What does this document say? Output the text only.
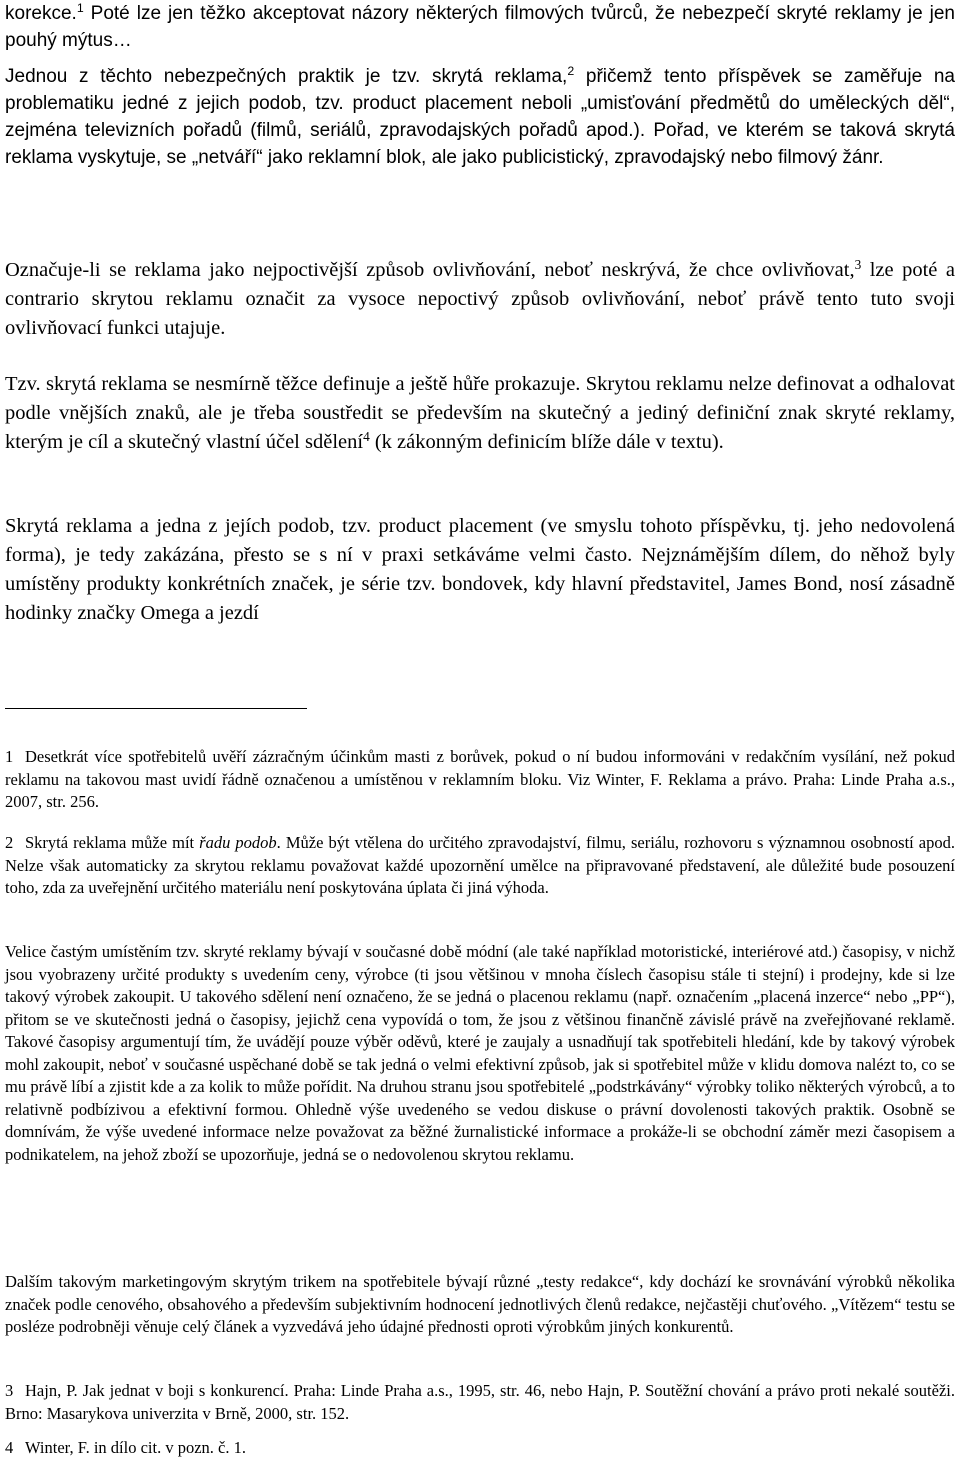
korekce.$^1$ Poté lze jen těžko akceptovat názory některých filmových tvůrců, že nebezpečí skryté reklamy je jen pouhý mýtus…

Jednou z těchto nebezpečných praktik je tzv. skrytá reklama,$^2$ přičemž tento příspěvek se zaměřuje na problematiku jedné z jejich podob, tzv. product placement neboli „umisťování předmětů do uměleckých děl“, zejména televizních pořadů (filmů, seriálů, zpravodajských pořadů apod.). Pořad, ve kterém se taková skrytá reklama vyskytuje, se „netváří“ jako reklamní blok, ale jako publicistický, zpravodajský nebo filmový žánr.

Označuje-li se reklama jako nejpoctivější způsob ovlivňování, neboť neskrývá, že chce ovlivňovat,$^3$ lze poté a contrario skrytou reklamu označit za vysoce nepoctivý způsob ovlivňování, neboť právě tento tuto svoji ovlivňovací funkci utajuje.

Tzv. skrytá reklama se nesmírně těžce definuje a ještě hůře prokazuje. Skrytou reklamu nelze definovat a odhalovat podle vnějších znaků, ale je třeba soustředit se především na skutečný a jediný definiční znak skryté reklamy, kterým je cíl a skutečný vlastní účel sdělení$^4$ (k zákonným definicím blíže dále v textu).

Skrytá reklama a jedna z jejích podob, tzv. product placement (ve smyslu tohoto příspěvku, tj. jeho nedovolená forma), je tedy zakázána, přesto se s ní v praxi setkáváme velmi často. Nejznámějším dílem, do něhož byly umístěny produkty konkrétních značek, je série tzv. bondovek, kdy hlavní představitel, James Bond, nosí zásadně hodinky značky Omega a jezdí

1 Desetkrát více spotřebitelů uvěří zázračným účinkům masti z borůvek, pokud o ní budou informováni v redakčním vysílání, než pokud reklamu na takovou mast uvidí řádně označenou a umístěnou v reklamním bloku. Viz Winter, F. Reklama a právo. Praha: Linde Praha a.s., 2007, str. 256.

2 Skrytá reklama může mít řadu podob. Může být vtělena do určitého zpravodajství, filmu, seriálu, rozhovoru s významnou osobností apod. Nelze však automaticky za skrytou reklamu považovat každé upozornění umělce na připravované představení, ale důležité bude posouzení toho, zda za uveřejnění určitého materiálu není poskytována úplata či jiná výhoda.

Velice častým umístěním tzv. skryté reklamy bývají v současné době módní (ale také například motoristické, interiérové atd.) časopisy, v nichž jsou vyobrazeny určité produkty s uvedením ceny, výrobce (ti jsou většinou v mnoha číslech časopisu stále ti stejní) i prodejny, kde si lze takový výrobek zakoupit. U takového sdělení není označeno, že se jedná o placenou reklamu (např. označením „placená inzerce“ nebo „PP“), přitom se ve skutečnosti jedná o časopisy, jejichž cena vypovídá o tom, že jsou z většinou finančně závislé právě na zveřejňované reklamě. Takové časopisy argumentují tím, že uvádějí pouze výběr oděvů, které je zaujaly a usnadňují tak spotřebiteli hledání, kde by takový výrobek mohl zakoupit, neboť v současné uspěchané době se tak jedná o velmi efektivní způsob, jak si spotřebitel může v klidu domova nalézt to, co se mu právě líbí a zjistit kde a za kolik to může pořídit. Na druhou stranu jsou spotřebitelé „podstrkávány“ výrobky toliko některých výrobců, a to relativně podbízivou a efektivní formou. Ohledně výše uvedeného se vedou diskuse o právní dovolenosti takových praktik. Osobně se domnívám, že výše uvedené informace nelze považovat za běžné žurnalistické informace a prokáže-li se obchodní záměr mezi časopisem a podnikatelem, na jehož zboží se upozorňuje, jedná se o nedovolenou skrytou reklamu.

Dalším takovým marketingovým skrytým trikem na spotřebitele bývají různé „testy redakce“, kdy dochází ke srovnávání výrobků několika značek podle cenového, obsahového a především subjektivním hodnocení jednotlivých členů redakce, nejčastěji chuťového. „Vítězem“ testu se posléze podrobněji věnuje celý článek a vyzvedává jeho údajné přednosti oproti výrobkům jiných konkurentů.

3 Hajn, P. Jak jednat v boji s konkurencí. Praha: Linde Praha a.s., 1995, str. 46, nebo Hajn, P. Soutěžní chování a právo proti nekalé soutěži. Brno: Masarykova univerzita v Brně, 2000, str. 152.

4 Winter, F. in dílo cit. v pozn. č. 1.
